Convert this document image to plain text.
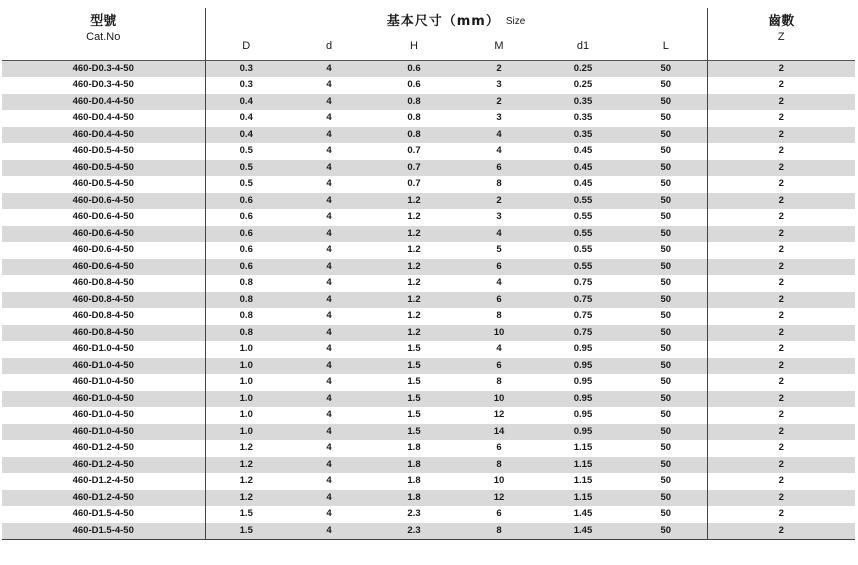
型號	基本尺寸（mm） Size						齒數
Cat.No	D	d	H	M	d1	L	Z
460-D0.3-4-50	0.3	4	0.6	2	0.25	50	2
460-D0.3-4-50	0.3	4	0.6	3	0.25	50	2
460-D0.4-4-50	0.4	4	0.8	2	0.35	50	2
460-D0.4-4-50	0.4	4	0.8	3	0.35	50	2
460-D0.4-4-50	0.4	4	0.8	4	0.35	50	2
460-D0.5-4-50	0.5	4	0.7	4	0.45	50	2
460-D0.5-4-50	0.5	4	0.7	6	0.45	50	2
460-D0.5-4-50	0.5	4	0.7	8	0.45	50	2
460-D0.6-4-50	0.6	4	1.2	2	0.55	50	2
460-D0.6-4-50	0.6	4	1.2	3	0.55	50	2
460-D0.6-4-50	0.6	4	1.2	4	0.55	50	2
460-D0.6-4-50	0.6	4	1.2	5	0.55	50	2
460-D0.6-4-50	0.6	4	1.2	6	0.55	50	2
460-D0.8-4-50	0.8	4	1.2	4	0.75	50	2
460-D0.8-4-50	0.8	4	1.2	6	0.75	50	2
460-D0.8-4-50	0.8	4	1.2	8	0.75	50	2
460-D0.8-4-50	0.8	4	1.2	10	0.75	50	2
460-D1.0-4-50	1.0	4	1.5	4	0.95	50	2
460-D1.0-4-50	1.0	4	1.5	6	0.95	50	2
460-D1.0-4-50	1.0	4	1.5	8	0.95	50	2
460-D1.0-4-50	1.0	4	1.5	10	0.95	50	2
460-D1.0-4-50	1.0	4	1.5	12	0.95	50	2
460-D1.0-4-50	1.0	4	1.5	14	0.95	50	2
460-D1.2-4-50	1.2	4	1.8	6	1.15	50	2
460-D1.2-4-50	1.2	4	1.8	8	1.15	50	2
460-D1.2-4-50	1.2	4	1.8	10	1.15	50	2
460-D1.2-4-50	1.2	4	1.8	12	1.15	50	2
460-D1.5-4-50	1.5	4	2.3	6	1.45	50	2
460-D1.5-4-50	1.5	4	2.3	8	1.45	50	2
